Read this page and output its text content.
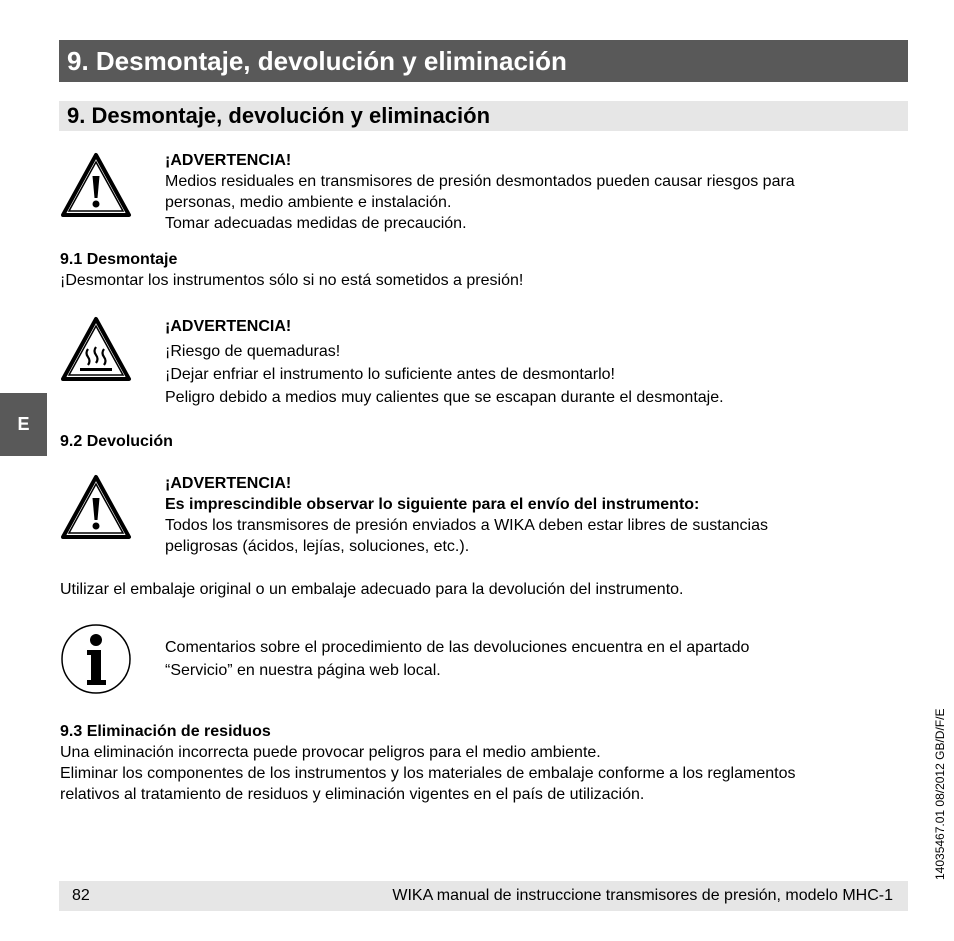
9. Desmontaje, devolución y eliminación
9. Desmontaje, devolución y eliminación
E
¡ADVERTENCIA!
Medios residuales en transmisores de presión desmontados pueden causar riesgos para
personas, medio ambiente e instalación.
Tomar adecuadas medidas de precaución.
9.1 Desmontaje
¡Desmontar los instrumentos sólo si no está sometidos a presión!
¡ADVERTENCIA!
¡Riesgo de quemaduras!
¡Dejar enfriar el instrumento lo suficiente antes de desmontarlo!
Peligro debido a medios muy calientes que se escapan durante el desmontaje.
9.2 Devolución
¡ADVERTENCIA!
Es imprescindible observar lo siguiente para el envío del instrumento:
Todos los transmisores de presión enviados a WIKA deben estar libres de sustancias
peligrosas (ácidos, lejías, soluciones, etc.).
Utilizar el embalaje original o un embalaje adecuado para la devolución del instrumento.
Comentarios sobre el procedimiento de las devoluciones encuentra en el apartado
“Servicio” en nuestra página web local.
9.3 Eliminación de residuos
Una eliminación incorrecta puede provocar peligros para el medio ambiente.
Eliminar los componentes de los instrumentos y los materiales de embalaje conforme a los reglamentos
relativos al tratamiento de residuos y eliminación vigentes en el país de utilización.	14035467.01 08/2012 GB/D/F/E
82	WIKA manual de instruccione transmisores de presión, modelo MHC-1
